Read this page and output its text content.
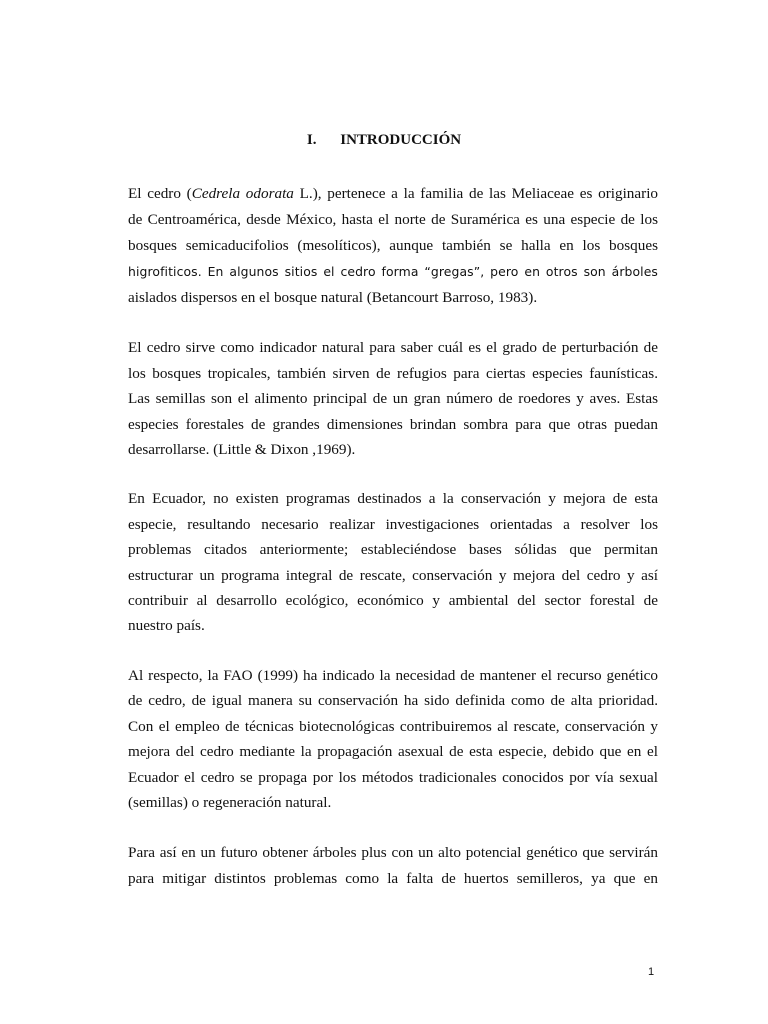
I. INTRODUCCIÓN
El cedro (Cedrela odorata L.), pertenece a la familia de las Meliaceae es originario
de Centroamérica, desde México, hasta el norte de Suramérica es una especie de los
bosques semicaducifolios (mesolíticos), aunque también se halla en los bosques
higrofiticos. En algunos sitios el cedro forma “gregas”, pero en otros son árboles
aislados dispersos en el bosque natural (Betancourt Barroso, 1983).
El cedro sirve como indicador natural para saber cuál es el grado de perturbación de
los bosques tropicales, también sirven de refugios para ciertas especies faunísticas.
Las semillas son el alimento principal de un gran número de roedores y aves. Estas
especies forestales de grandes dimensiones brindan sombra para que otras puedan
desarrollarse. (Little & Dixon ,1969).
En Ecuador, no existen programas destinados a la conservación y mejora de esta
especie, resultando necesario realizar investigaciones orientadas a resolver los
problemas citados anteriormente; estableciéndose bases sólidas que permitan
estructurar un programa integral de rescate, conservación y mejora del cedro y así
contribuir al desarrollo ecológico, económico y ambiental del sector forestal de
nuestro país.
Al respecto, la FAO (1999) ha indicado la necesidad de mantener el recurso genético
de cedro, de igual manera su conservación ha sido definida como de alta prioridad.
Con el empleo de técnicas biotecnológicas contribuiremos al rescate, conservación y
mejora del cedro mediante la propagación asexual de esta especie, debido que en el
Ecuador el cedro se propaga por los métodos tradicionales conocidos por vía sexual
(semillas) o regeneración natural.
Para así en un futuro obtener árboles plus con un alto potencial genético que servirán
para mitigar distintos problemas como la falta de huertos semilleros, ya que en
1
